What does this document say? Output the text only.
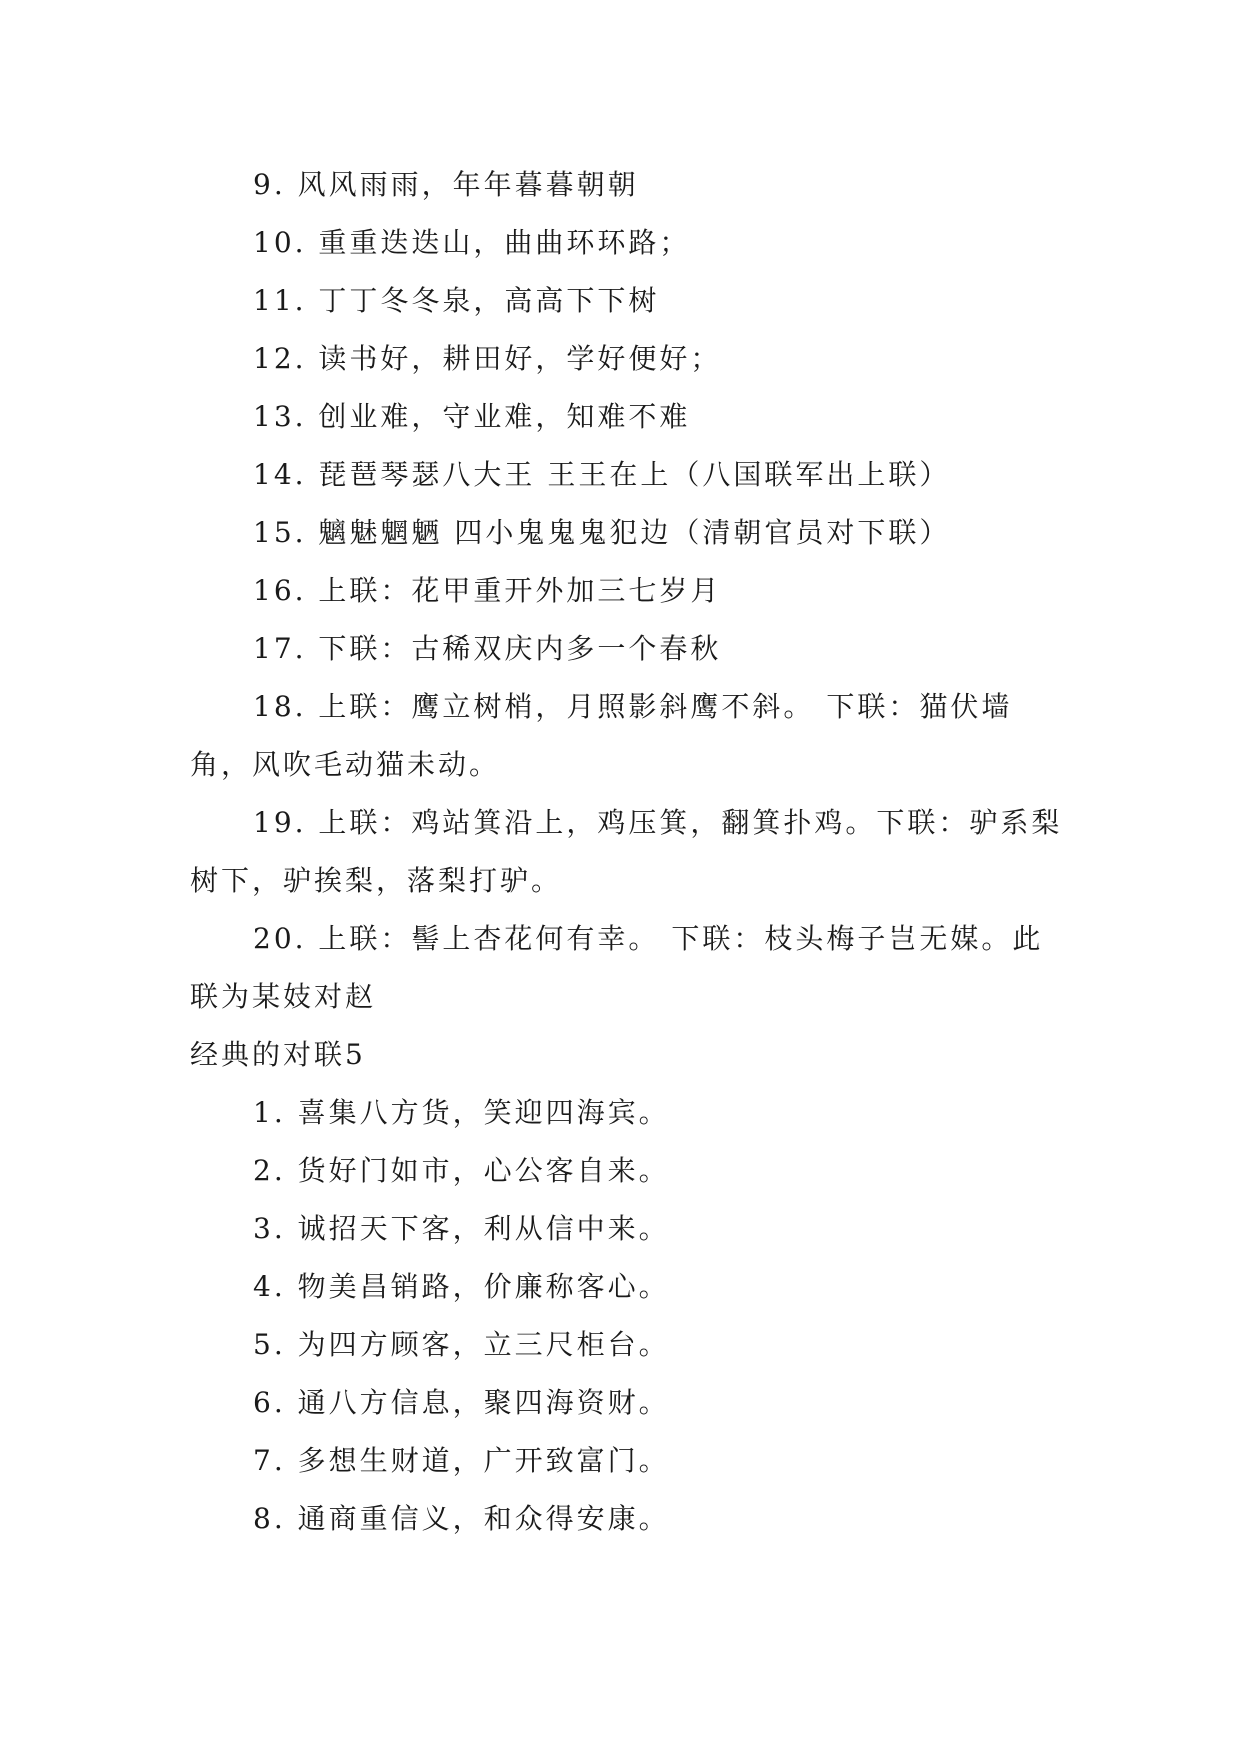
9. 风风雨雨，年年暮暮朝朝
10. 重重迭迭山，曲曲环环路；
11. 丁丁冬冬泉，高高下下树
12. 读书好，耕田好，学好便好；
13. 创业难，守业难，知难不难
14. 琵琶琴瑟八大王 王王在上（八国联军出上联）
15. 魑魅魍魉 四小鬼鬼鬼犯边（清朝官员对下联）
16. 上联：花甲重开外加三七岁月
17. 下联：古稀双庆内多一个春秋
18. 上联：鹰立树梢，月照影斜鹰不斜。 下联：猫伏墙角，风吹毛动猫未动。
19. 上联：鸡站箕沿上，鸡压箕，翻箕扑鸡。下联：驴系梨树下，驴挨梨，落梨打驴。
20. 上联：髻上杏花何有幸。 下联：枝头梅子岂无媒。此联为某妓对赵
经典的对联5
1. 喜集八方货，笑迎四海宾。
2. 货好门如市，心公客自来。
3. 诚招天下客，利从信中来。
4. 物美昌销路，价廉称客心。
5. 为四方顾客，立三尺柜台。
6. 通八方信息，聚四海资财。
7. 多想生财道，广开致富门。
8. 通商重信义，和众得安康。
